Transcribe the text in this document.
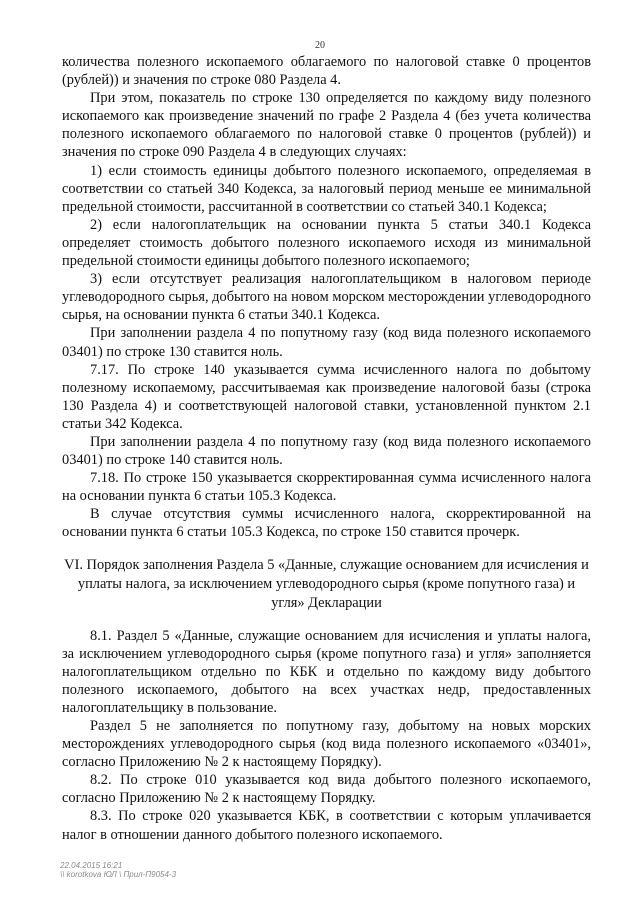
20

количества полезного ископаемого облагаемого по налоговой ставке 0 процентов (рублей)) и значения по строке 080 Раздела 4.

При этом, показатель по строке 130 определяется по каждому виду полезного ископаемого как произведение значений по графе 2 Раздела 4 (без учета количества полезного ископаемого облагаемого по налоговой ставке 0 процентов (рублей)) и значения по строке 090 Раздела 4 в следующих случаях:

1) если стоимость единицы добытого полезного ископаемого, определяемая в соответствии со статьей 340 Кодекса, за налоговый период меньше ее минимальной предельной стоимости, рассчитанной в соответствии со статьей 340.1 Кодекса;

2) если налогоплательщик на основании пункта 5 статьи 340.1 Кодекса определяет стоимость добытого полезного ископаемого исходя из минимальной предельной стоимости единицы добытого полезного ископаемого;

3) если отсутствует реализация налогоплательщиком в налоговом периоде углеводородного сырья, добытого на новом морском месторождении углеводородного сырья, на основании пункта 6 статьи 340.1 Кодекса.

При заполнении раздела 4 по попутному газу (код вида полезного ископаемого 03401) по строке 130 ставится ноль.

7.17. По строке 140 указывается сумма исчисленного налога по добытому полезному ископаемому, рассчитываемая как произведение налоговой базы (строка 130 Раздела 4) и соответствующей налоговой ставки, установленной пунктом 2.1 статьи 342 Кодекса.

При заполнении раздела 4 по попутному газу (код вида полезного ископаемого 03401) по строке 140 ставится ноль.

7.18. По строке 150 указывается скорректированная сумма исчисленного налога на основании пункта 6 статьи 105.3 Кодекса.

В случае отсутствия суммы исчисленного налога, скорректированной на основании пункта 6 статьи 105.3 Кодекса, по строке 150 ставится прочерк.

VI. Порядок заполнения Раздела 5 «Данные, служащие основанием для исчисления и уплаты налога, за исключением углеводородного сырья (кроме попутного газа) и угля» Декларации

8.1. Раздел 5 «Данные, служащие основанием для исчисления и уплаты налога, за исключением углеводородного сырья (кроме попутного газа) и угля» заполняется налогоплательщиком отдельно по КБК и отдельно по каждому виду добытого полезного ископаемого, добытого на всех участках недр, предоставленных налогоплательщику в пользование.

Раздел 5 не заполняется по попутному газу, добытому на новых морских месторождениях углеводородного сырья (код вида полезного ископаемого «03401», согласно Приложению № 2 к настоящему Порядку).

8.2. По строке 010 указывается код вида добытого полезного ископаемого, согласно Приложению № 2 к настоящему Порядку.

8.3. По строке 020 указывается КБК, в соответствии с которым уплачивается налог в отношении данного добытого полезного ископаемого.

22.04.2015 16:21
\\ korotkova ЮЛ \ Прил-П9054-3
